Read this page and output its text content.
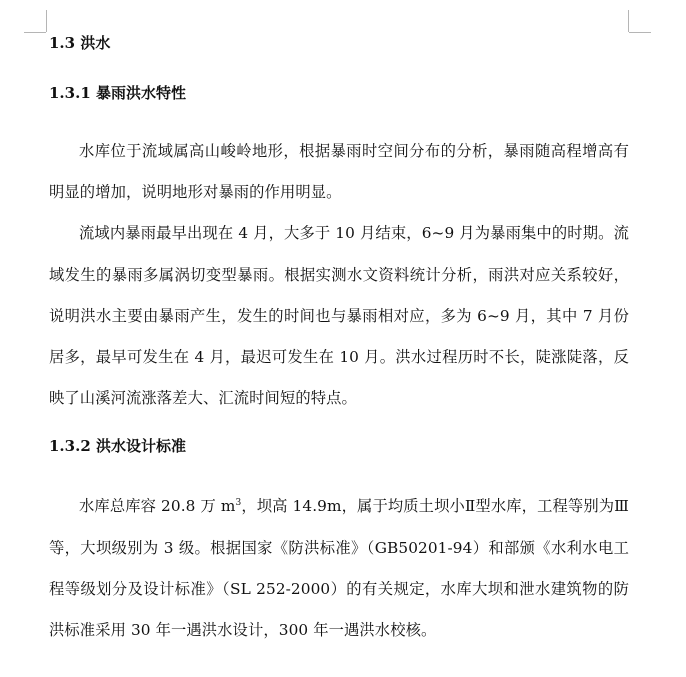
1.3 洪水
1.3.1 暴雨洪水特性

水库位于流域属高山峻岭地形，根据暴雨时空间分布的分析，暴雨随高程增高有明显的增加，说明地形对暴雨的作用明显。

流域内暴雨最早出现在 4 月，大多于 10 月结束，6~9 月为暴雨集中的时期。流域发生的暴雨多属涡切变型暴雨。根据实测水文资料统计分析，雨洪对应关系较好，说明洪水主要由暴雨产生，发生的时间也与暴雨相对应，多为 6~9 月，其中 7 月份居多，最早可发生在 4 月，最迟可发生在 10 月。洪水过程历时不长，陡涨陡落，反映了山溪河流涨落差大、汇流时间短的特点。

1.3.2 洪水设计标准

水库总库容 20.8 万 $m^3$，坝高 14.9m，属于均质土坝小Ⅱ型水库，工程等别为Ⅲ等，大坝级别为 3 级。根据国家《防洪标准》（GB50201-94）和部颁《水利水电工程等级划分及设计标准》（SL 252-2000）的有关规定，水库大坝和泄水建筑物的防洪标准采用 30 年一遇洪水设计，300 年一遇洪水校核。
